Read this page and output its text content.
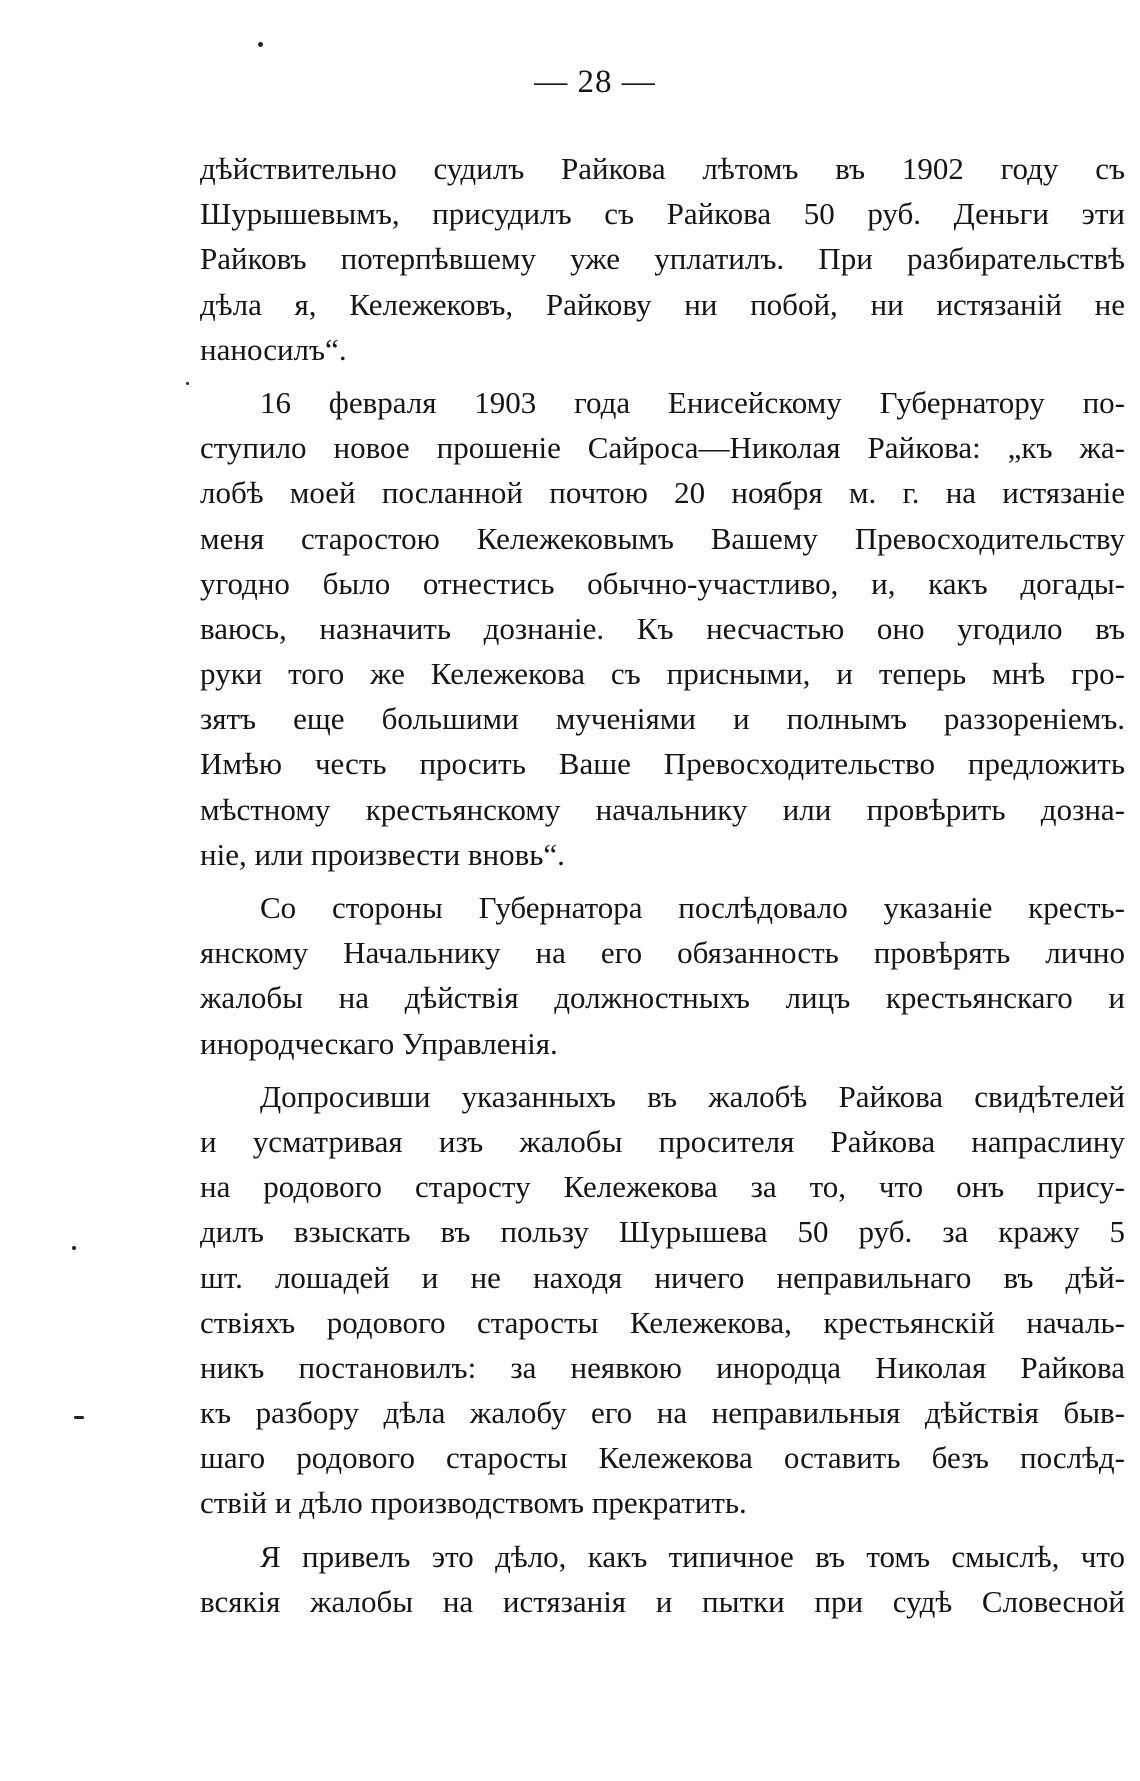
— 28 —
дѣйствительно судилъ Райкова лѣтомъ въ 1902 году съ
Шурышевымъ, присудилъ съ Райкова 50 руб. Деньги эти
Райковъ потерпѣвшему уже уплатилъ. При разбирательствѣ
дѣла я, Кележековъ, Райкову ни побой, ни истязаній не
наносилъ“.
16 февраля 1903 года Енисейскому Губернатору по-
ступило новое прошеніе Сайроса—Николая Райкова: „къ жа-
лобѣ моей посланной почтою 20 ноября м. г. на истязаніе
меня старостою Кележековымъ Вашему Превосходительству
угодно было отнестись обычно-участливо, и, какъ догады-
ваюсь, назначить дознаніе. Къ несчастью оно угодило въ
руки того же Кележекова съ присными, и теперь мнѣ гро-
зятъ еще большими мученіями и полнымъ раззореніемъ.
Имѣю честь просить Ваше Превосходительство предложить
мѣстному крестьянскому начальнику или провѣрить дозна-
ніе, или произвести вновь“.
Со стороны Губернатора послѣдовало указаніе кресть-
янскому Начальнику на его обязанность провѣрять лично
жалобы на дѣйствія должностныхъ лицъ крестьянскаго и
инородческаго Управленія.
Допросивши указанныхъ въ жалобѣ Райкова свидѣтелей
и усматривая изъ жалобы просителя Райкова напраслину
на родового старосту Кележекова за то, что онъ прису-
дилъ взыскать въ пользу Шурышева 50 руб. за кражу 5
шт. лошадей и не находя ничего неправильнаго въ дѣй-
ствіяхъ родового старосты Кележекова, крестьянскій началь-
никъ постановилъ: за неявкою инородца Николая Райкова
къ разбору дѣла жалобу его на неправильныя дѣйствія быв-
шаго родового старосты Кележекова оставить безъ послѣд-
ствій и дѣло производствомъ прекратить.
Я привелъ это дѣло, какъ типичное въ томъ смыслѣ, что
всякія жалобы на истязанія и пытки при судѣ Словесной
